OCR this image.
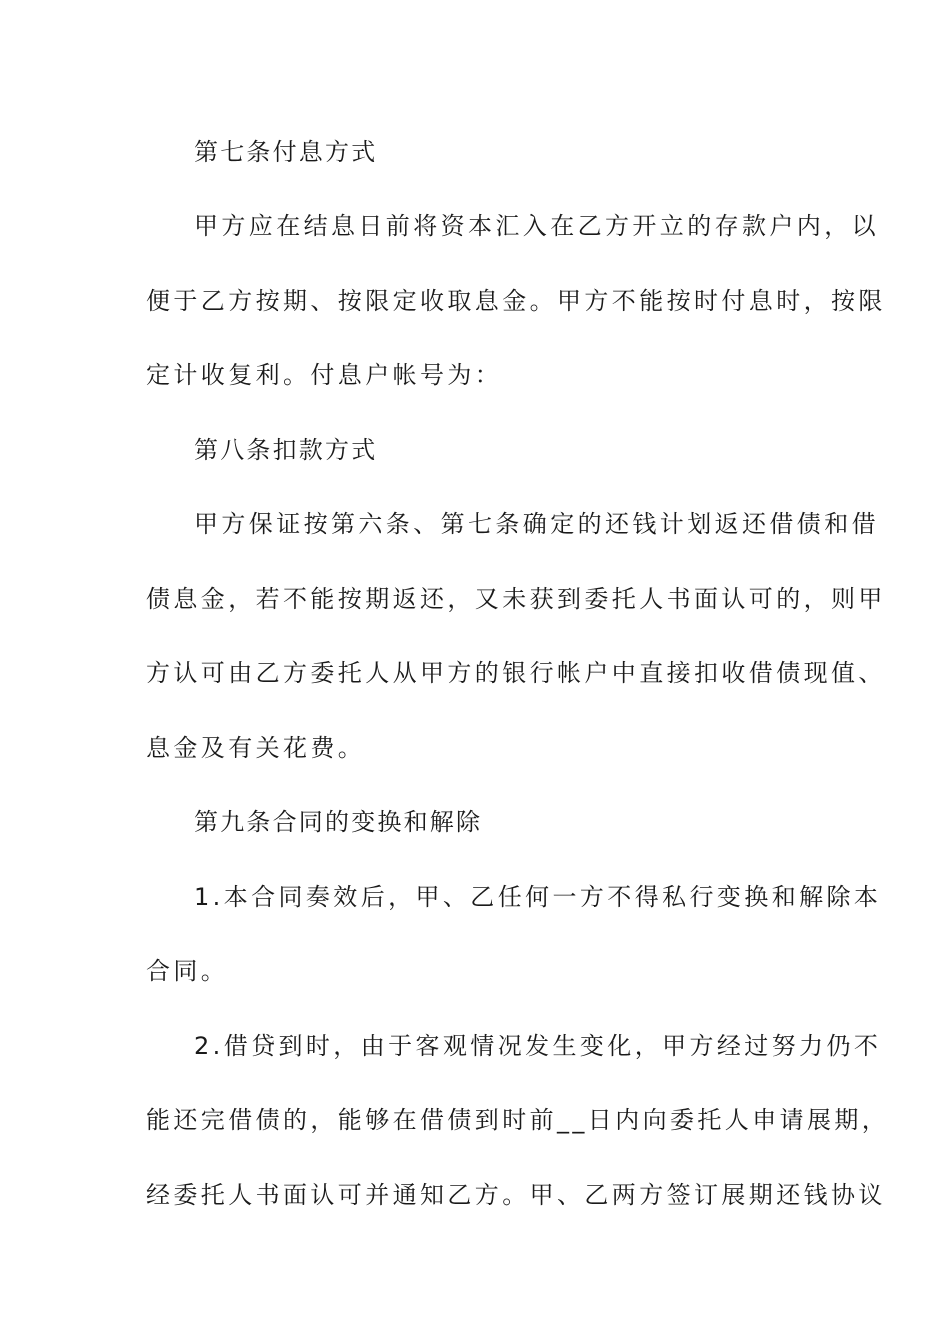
第七条付息方式
甲方应在结息日前将资本汇入在乙方开立的存款户内，以
便于乙方按期、按限定收取息金。甲方不能按时付息时，按限
定计收复利。付息户帐号为：
第八条扣款方式
甲方保证按第六条、第七条确定的还钱计划返还借债和借
债息金，若不能按期返还，又未获到委托人书面认可的，则甲
方认可由乙方委托人从甲方的银行帐户中直接扣收借债现值、
息金及有关花费。
第九条合同的变换和解除
1.本合同奏效后，甲、乙任何一方不得私行变换和解除本
合同。
2.借贷到时，由于客观情况发生变化，甲方经过努力仍不
能还完借债的，能够在借债到时前__日内向委托人申请展期，
经委托人书面认可并通知乙方。甲、乙两方签订展期还钱协议
